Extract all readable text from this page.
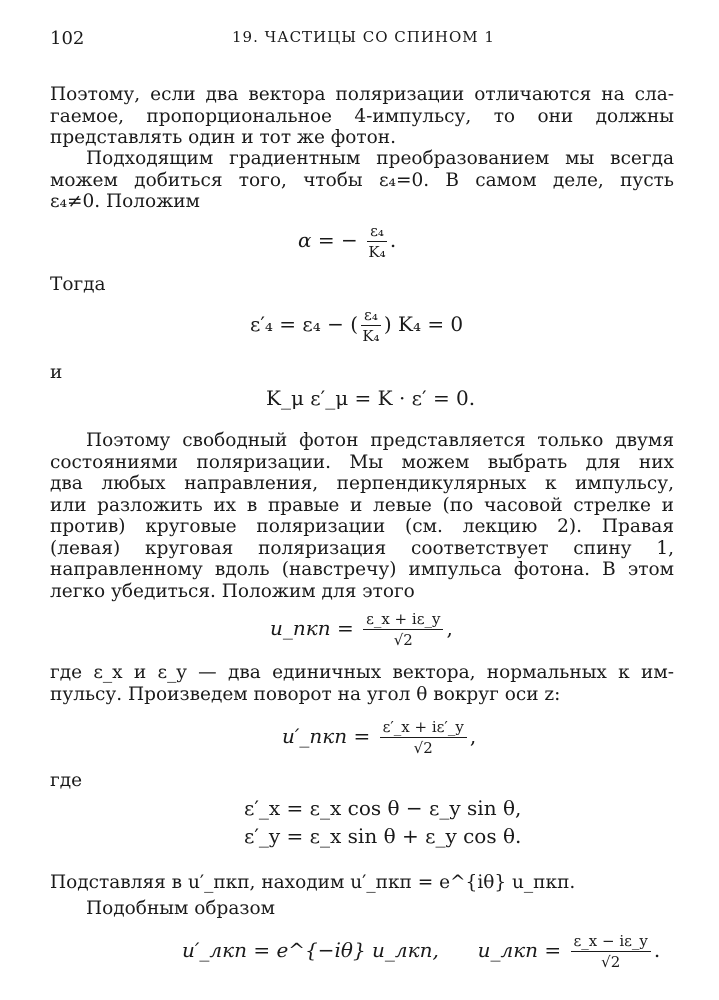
102	19. ЧАСТИЦЫ СО СПИНОМ 1
Поэтому, если два вектора поляризации отличаются на сла-
гаемое, пропорциональное 4-импульсу, то они должны
представлять один и тот же фотон.
Подходящим градиентным преобразованием мы всегда
можем добиться того, чтобы ε₄=0. В самом деле, пусть
ε₄≠0. Положим
α = − $\frac{\text{ε₄}}{\text{K₄}}$ .
Тогда
ε′₄ = ε₄ − ( $\frac{\text{ε₄}}{\text{K₄}}$ ) K₄ = 0
и
K_μ ε′_μ = K · ε′ = 0.
Поэтому свободный фотон представляется только двумя
состояниями поляризации. Мы можем выбрать для них
два любых направления, перпендикулярных к импульсу,
или разложить их в правые и левые (по часовой стрелке и
против) круговые поляризации (см. лекцию 2). Правая
(левая) круговая поляризация соответствует спину 1,
направленному вдоль (навстречу) импульса фотона. В этом
легко убедиться. Положим для этого
u_пкп = $\frac{\varepsilon\_x + i\varepsilon\_y}{√2}$ ,
где ε_x и ε_y — два единичных вектора, нормальных к им-
пульсу. Произведем поворот на угол θ вокруг оси z:
u′_пкп = $\frac{\varepsilon'\_x + i\varepsilon'\_y}{√2}$ ,
где
ε′_x = ε_x cos θ − ε_y sin θ,
ε′_y = ε_x sin θ + ε_y cos θ.
Подставляя в u′_пкп, находим u′_пкп = e^{iθ} u_пкп.
Подобным образом
u′_лкп = e^{−iθ} u_лкп, u_лкп = $\frac{\varepsilon\_x - i\varepsilon\_y}{√2}$ .
